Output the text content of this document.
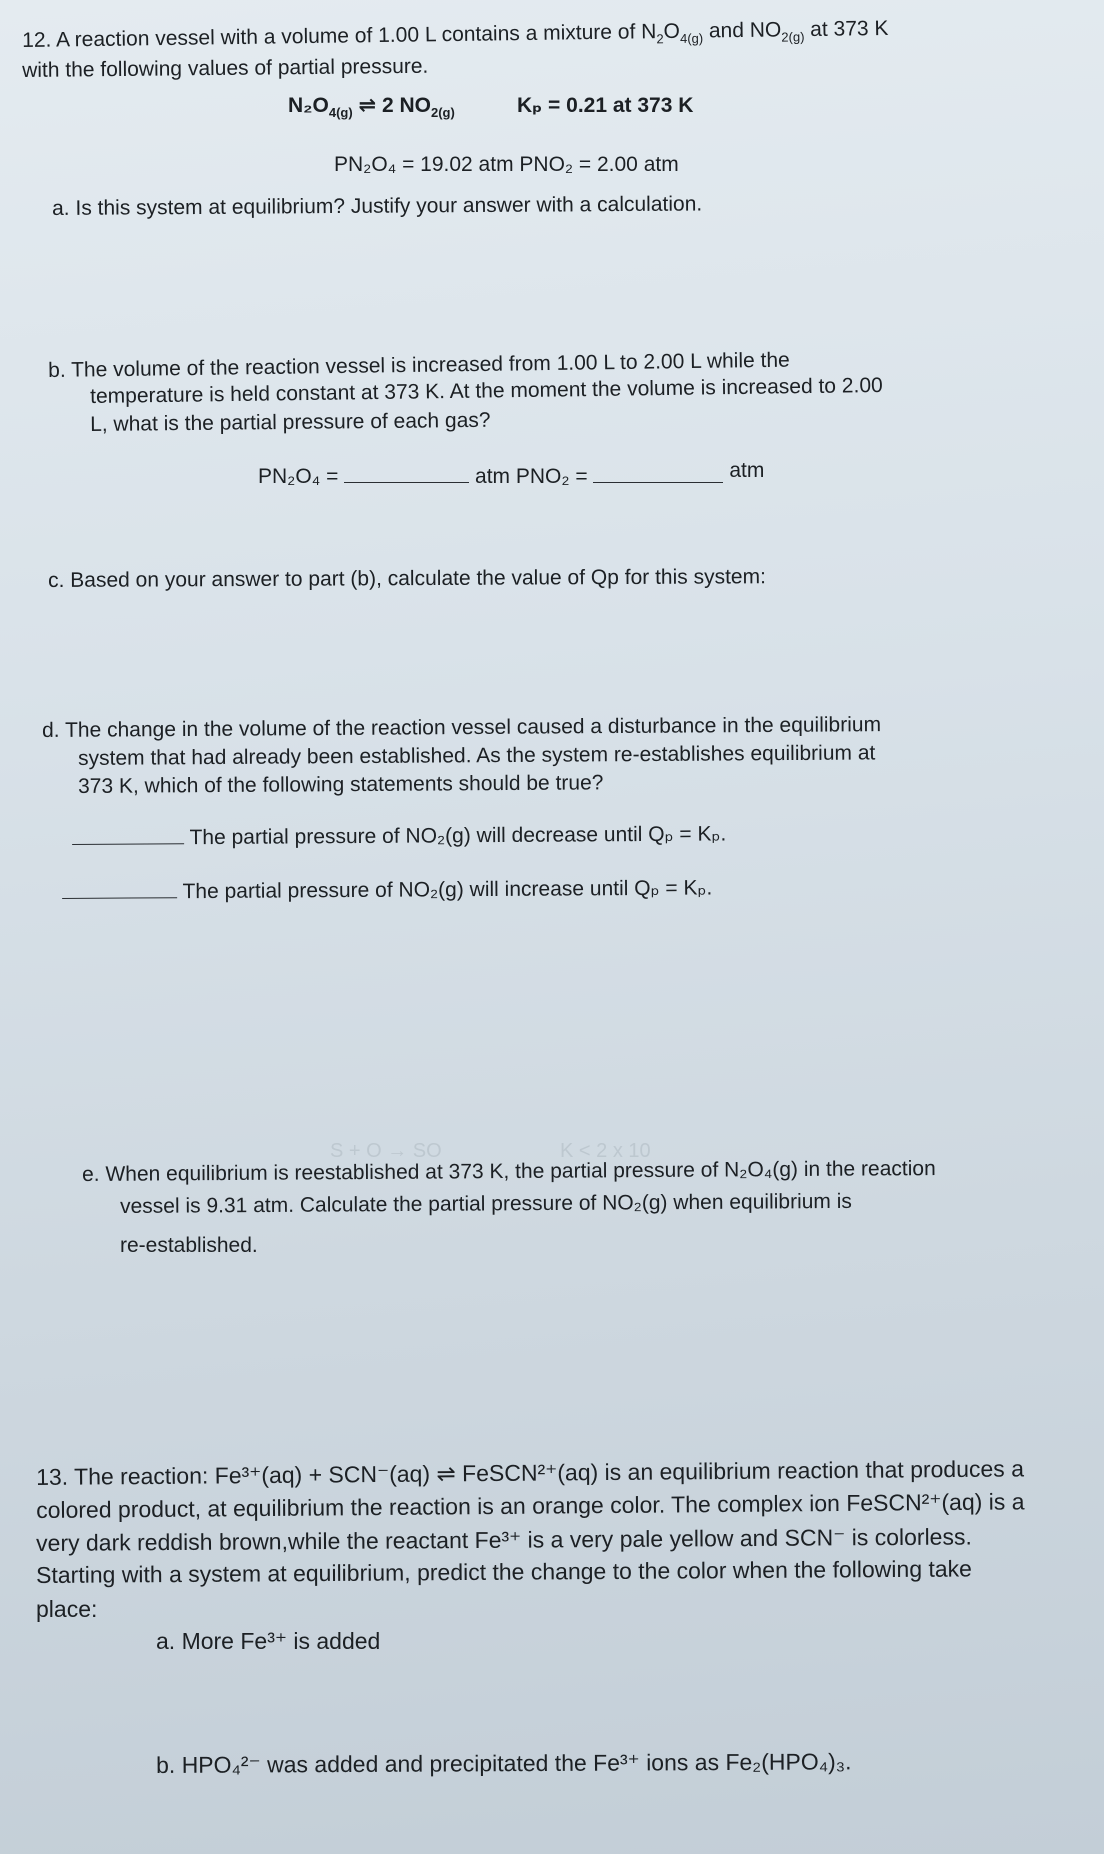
K < 2 x 10
S + O → SO
12. A reaction vessel with a volume of 1.00 L contains a mixture of $N_2O_{4(g)}$ and $NO_{2(g)}$ at 373 K
with the following values of partial pressure.
$N_2O_{4(g)}$ ⇌ 2 $NO_{2(g)}$	Kₚ = 0.21 at 373 K
PN₂O₄ = 19.02 atm PNO₂ = 2.00 atm
a. Is this system at equilibrium? Justify your answer with a calculation.
b. The volume of the reaction vessel is increased from 1.00 L to 2.00 L while the
temperature is held constant at 373 K. At the moment the volume is increased to 2.00
L, what is the partial pressure of each gas?
PN₂O₄ =	atm PNO₂ =	atm
c. Based on your answer to part (b), calculate the value of Qp for this system:
d. The change in the volume of the reaction vessel caused a disturbance in the equilibrium
system that had already been established. As the system re-establishes equilibrium at
373 K, which of the following statements should be true?
The partial pressure of NO₂(g) will decrease until Qₚ = Kₚ.
The partial pressure of NO₂(g) will increase until Qₚ = Kₚ.
e. When equilibrium is reestablished at 373 K, the partial pressure of N₂O₄(g) in the reaction
vessel is 9.31 atm. Calculate the partial pressure of NO₂(g) when equilibrium is
re-established.
13. The reaction: Fe³⁺(aq) + SCN⁻(aq) ⇌ FeSCN²⁺(aq) is an equilibrium reaction that produces a
colored product, at equilibrium the reaction is an orange color. The complex ion FeSCN²⁺(aq) is a
very dark reddish brown,while the reactant Fe³⁺ is a very pale yellow and SCN⁻ is colorless.
Starting with a system at equilibrium, predict the change to the color when the following take
place:
a. More Fe³⁺ is added
b. HPO₄²⁻ was added and precipitated the Fe³⁺ ions as Fe₂(HPO₄)₃.
